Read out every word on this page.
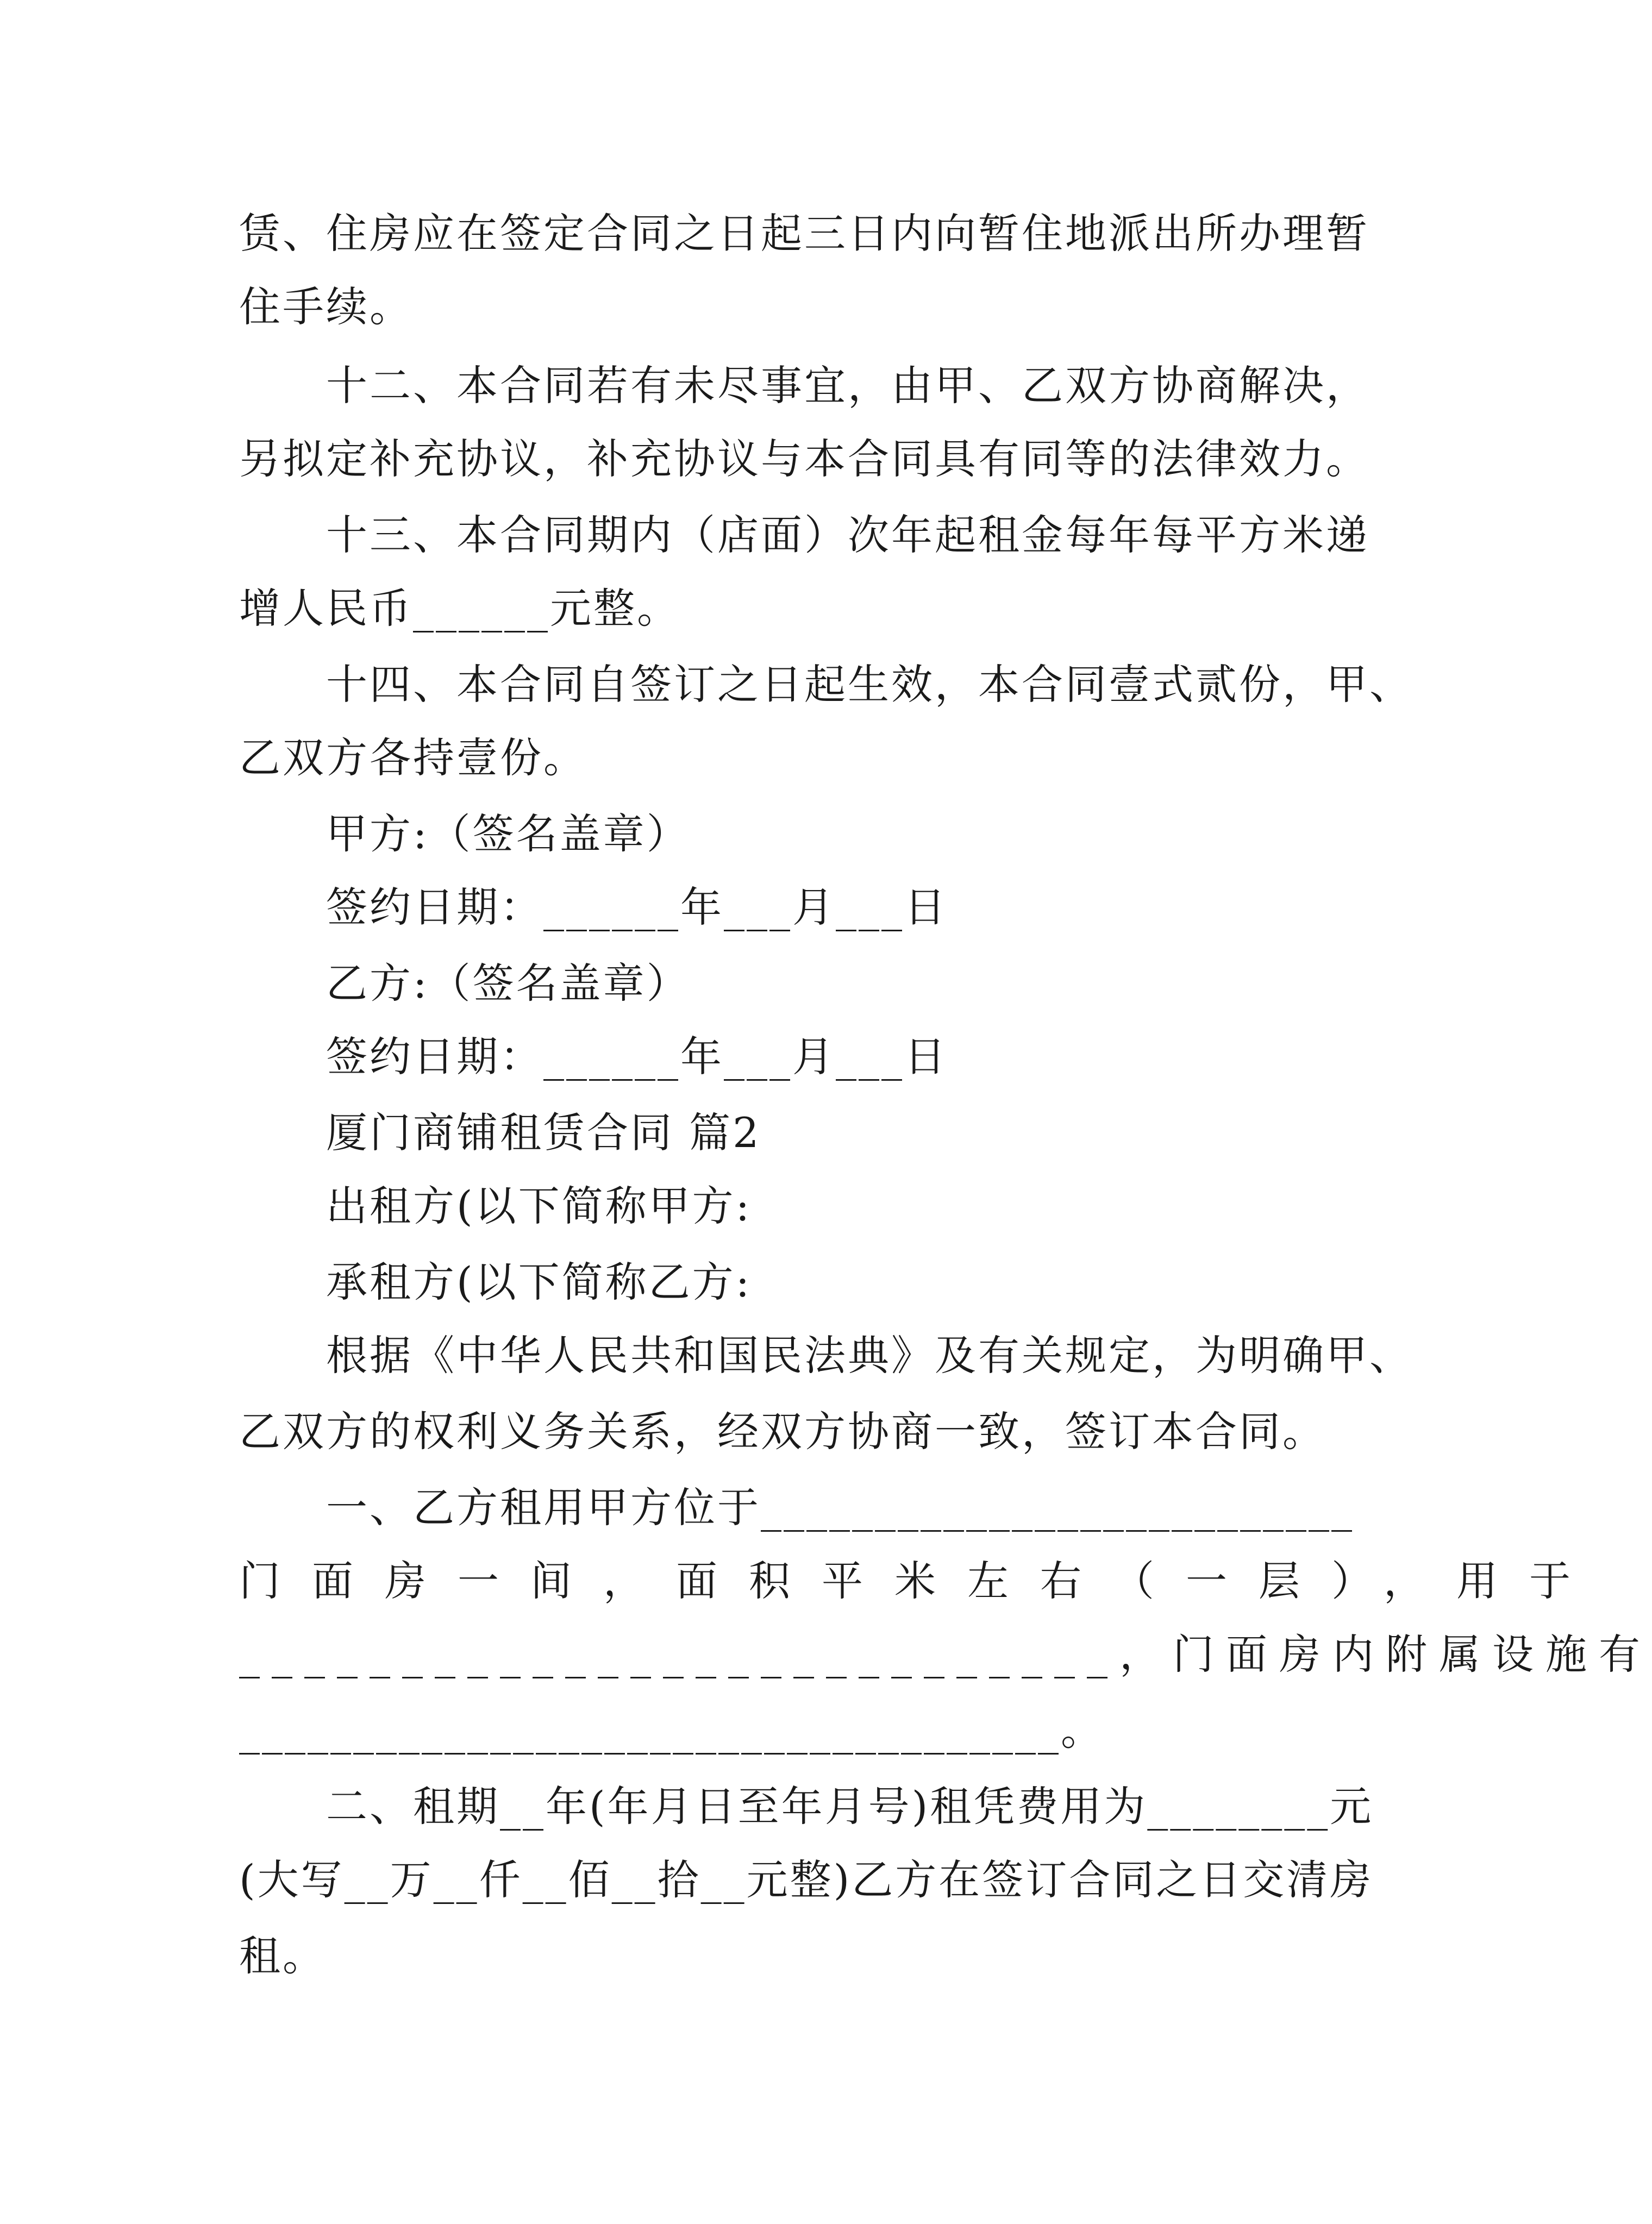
赁、住房应在签定合同之日起三日内向暂住地派出所办理暂
住手续。
十二、本合同若有未尽事宜，由甲、乙双方协商解决，
另拟定补充协议，补充协议与本合同具有同等的法律效力。
十三、本合同期内（店面）次年起租金每年每平方米递
增人民币______元整。
十四、本合同自签订之日起生效，本合同壹式贰份，甲、
乙双方各持壹份。
甲方:（签名盖章）
签约日期：______年___月___日
乙方:（签名盖章）
签约日期：______年___月___日
厦门商铺租赁合同 篇2
出租方(以下简称甲方:
承租方(以下简称乙方:
根据《中华人民共和国民法典》及有关规定，为明确甲、
乙双方的权利义务关系，经双方协商一致，签订本合同。
一、乙方租用甲方位于__________________________
门面房一间，面积平米左右（一层），用于
___________________________，门面房内附属设施有
____________________________________。
二、租期__年(年月日至年月号)租凭费用为________元
(大写__万__仟__佰__拾__元整)乙方在签订合同之日交清房
租。
